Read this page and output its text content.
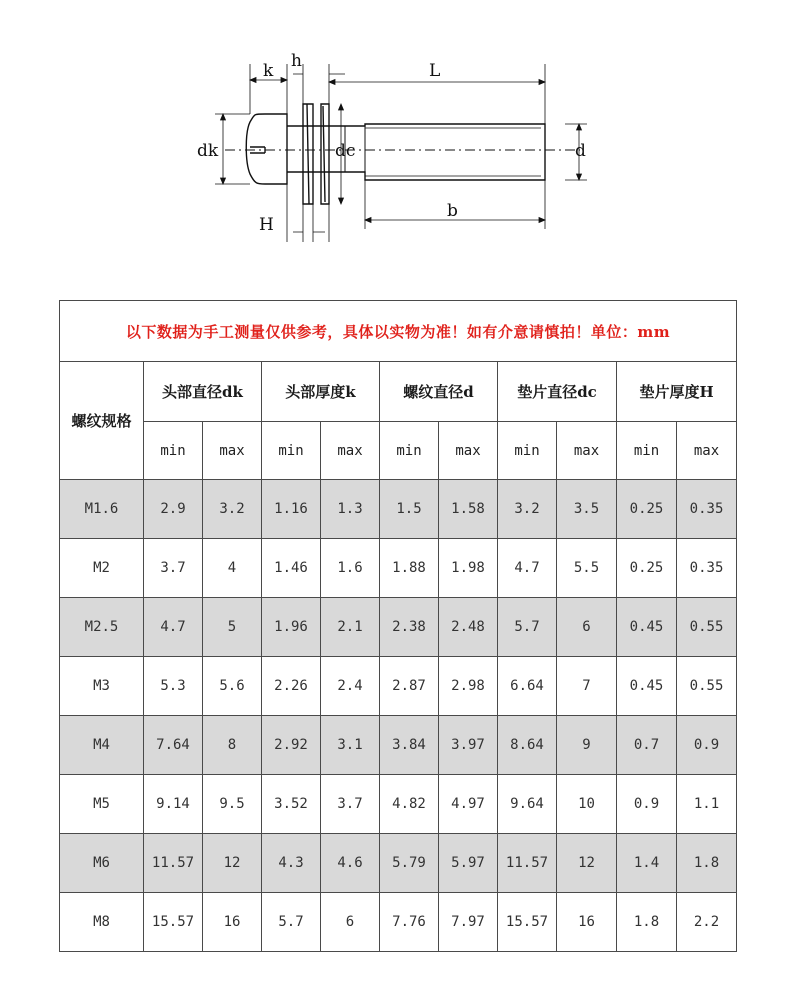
k h	L
dk	dc	d
H
b
以下数据为手工测量仅供参考，具体以实物为准！如有介意请慎拍！单位：mm										
螺纹规格	头部直径dk		头部厚度k		螺纹直径d		垫片直径dc		垫片厚度H	
	min	max	min	max	min	max	min	max	min	max
M1.6	2.9	3.2	1.16	1.3	1.5	1.58	3.2	3.5	0.25	0.35
M2	3.7	4	1.46	1.6	1.88	1.98	4.7	5.5	0.25	0.35
M2.5	4.7	5	1.96	2.1	2.38	2.48	5.7	6	0.45	0.55
M3	5.3	5.6	2.26	2.4	2.87	2.98	6.64	7	0.45	0.55
M4	7.64	8	2.92	3.1	3.84	3.97	8.64	9	0.7	0.9
M5	9.14	9.5	3.52	3.7	4.82	4.97	9.64	10	0.9	1.1
M6	11.57	12	4.3	4.6	5.79	5.97	11.57	12	1.4	1.8
M8	15.57	16	5.7	6	7.76	7.97	15.57	16	1.8	2.2
